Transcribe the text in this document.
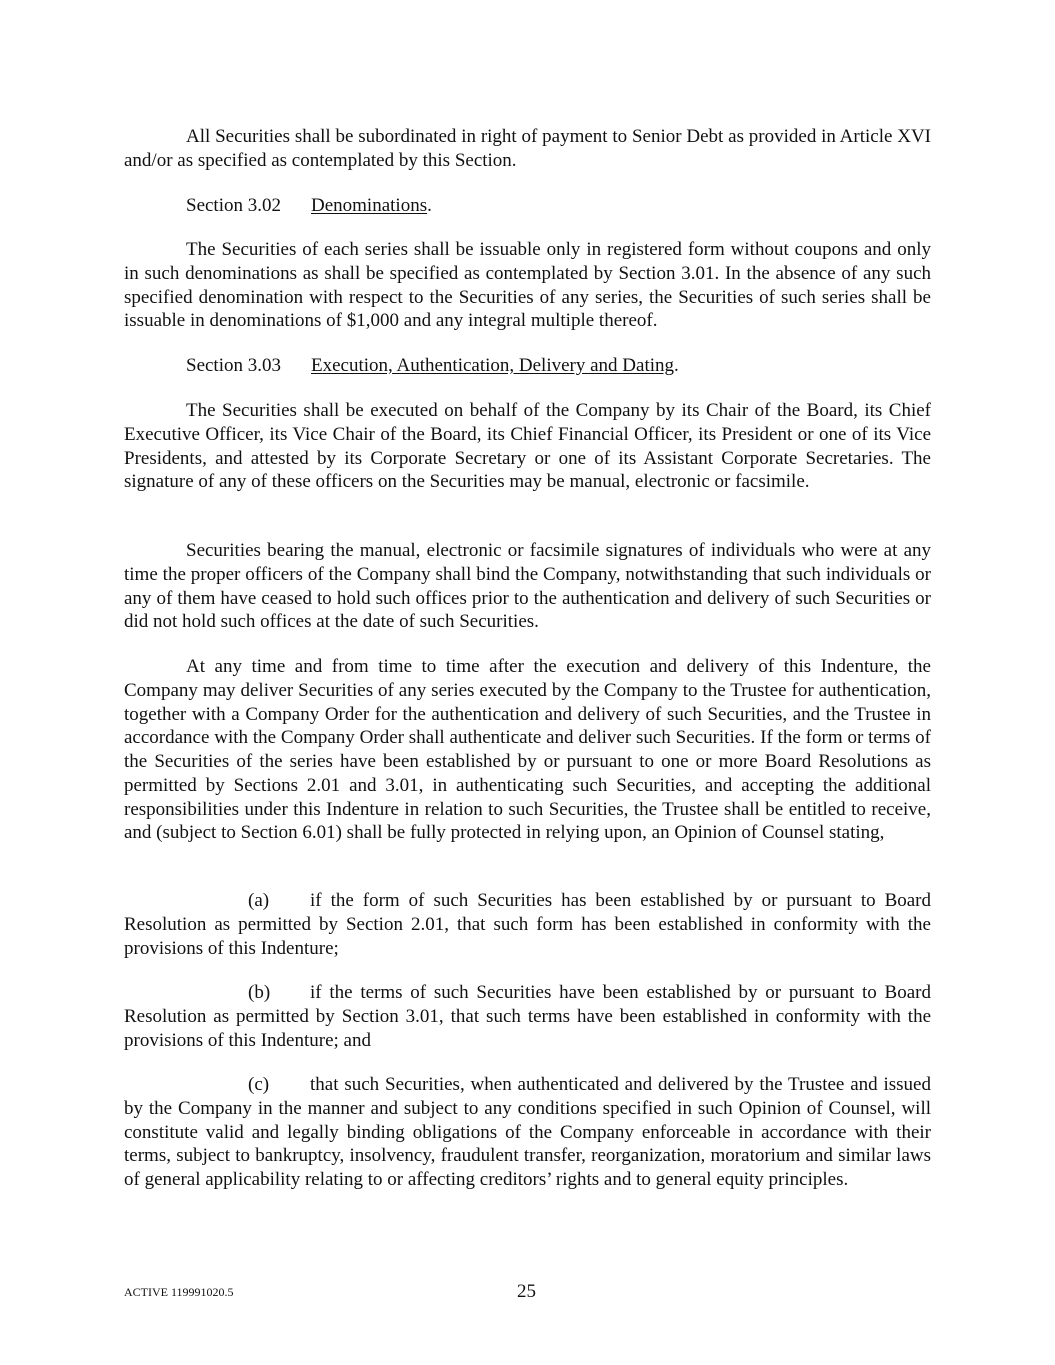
All Securities shall be subordinated in right of payment to Senior Debt as provided in Article XVI and/or as specified as contemplated by this Section.

Section 3.02 Denominations.

The Securities of each series shall be issuable only in registered form without coupons and only in such denominations as shall be specified as contemplated by Section 3.01. In the absence of any such specified denomination with respect to the Securities of any series, the Securities of such series shall be issuable in denominations of $1,000 and any integral multiple thereof.

Section 3.03 Execution, Authentication, Delivery and Dating.

The Securities shall be executed on behalf of the Company by its Chair of the Board, its Chief Executive Officer, its Vice Chair of the Board, its Chief Financial Officer, its President or one of its Vice Presidents, and attested by its Corporate Secretary or one of its Assistant Corporate Secretaries. The signature of any of these officers on the Securities may be manual, electronic or facsimile.

Securities bearing the manual, electronic or facsimile signatures of individuals who were at any time the proper officers of the Company shall bind the Company, notwithstanding that such individuals or any of them have ceased to hold such offices prior to the authentication and delivery of such Securities or did not hold such offices at the date of such Securities.

At any time and from time to time after the execution and delivery of this Indenture, the Company may deliver Securities of any series executed by the Company to the Trustee for authentication, together with a Company Order for the authentication and delivery of such Securities, and the Trustee in accordance with the Company Order shall authenticate and deliver such Securities. If the form or terms of the Securities of the series have been established by or pursuant to one or more Board Resolutions as permitted by Sections 2.01 and 3.01, in authenticating such Securities, and accepting the additional responsibilities under this Indenture in relation to such Securities, the Trustee shall be entitled to receive, and (subject to Section 6.01) shall be fully protected in relying upon, an Opinion of Counsel stating,

(a) if the form of such Securities has been established by or pursuant to Board Resolution as permitted by Section 2.01, that such form has been established in conformity with the provisions of this Indenture;

(b) if the terms of such Securities have been established by or pursuant to Board Resolution as permitted by Section 3.01, that such terms have been established in conformity with the provisions of this Indenture; and

(c) that such Securities, when authenticated and delivered by the Trustee and issued by the Company in the manner and subject to any conditions specified in such Opinion of Counsel, will constitute valid and legally binding obligations of the Company enforceable in accordance with their terms, subject to bankruptcy, insolvency, fraudulent transfer, reorganization, moratorium and similar laws of general applicability relating to or affecting creditors’ rights and to general equity principles.

ACTIVE 119991020.5	25
